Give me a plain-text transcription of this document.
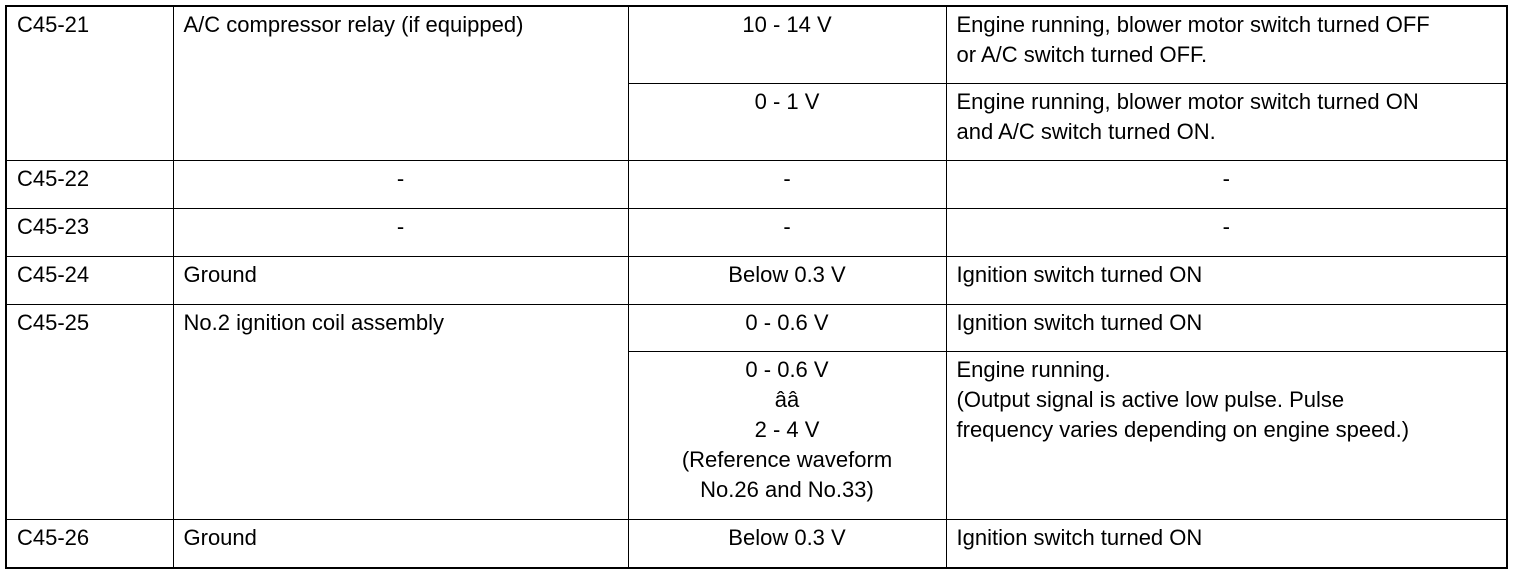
C45-21	A/C compressor relay (if equipped)	10 - 14 V	Engine running, blower motor switch turned OFF
or A/C switch turned OFF.

		0 - 1 V	Engine running, blower motor switch turned ON
and A/C switch turned ON.

C45-22	-	-	-

C45-23	-	-	-

C45-24	Ground	Below 0.3 V	Ignition switch turned ON

C45-25	No.2 ignition coil assembly	0 - 0.6 V	Ignition switch turned ON

		0 - 0.6 V
ââ
2 - 4 V
(Reference waveform
No.26 and No.33)	Engine running.
(Output signal is active low pulse. Pulse
frequency varies depending on engine speed.)

C45-26	Ground	Below 0.3 V	Ignition switch turned ON
